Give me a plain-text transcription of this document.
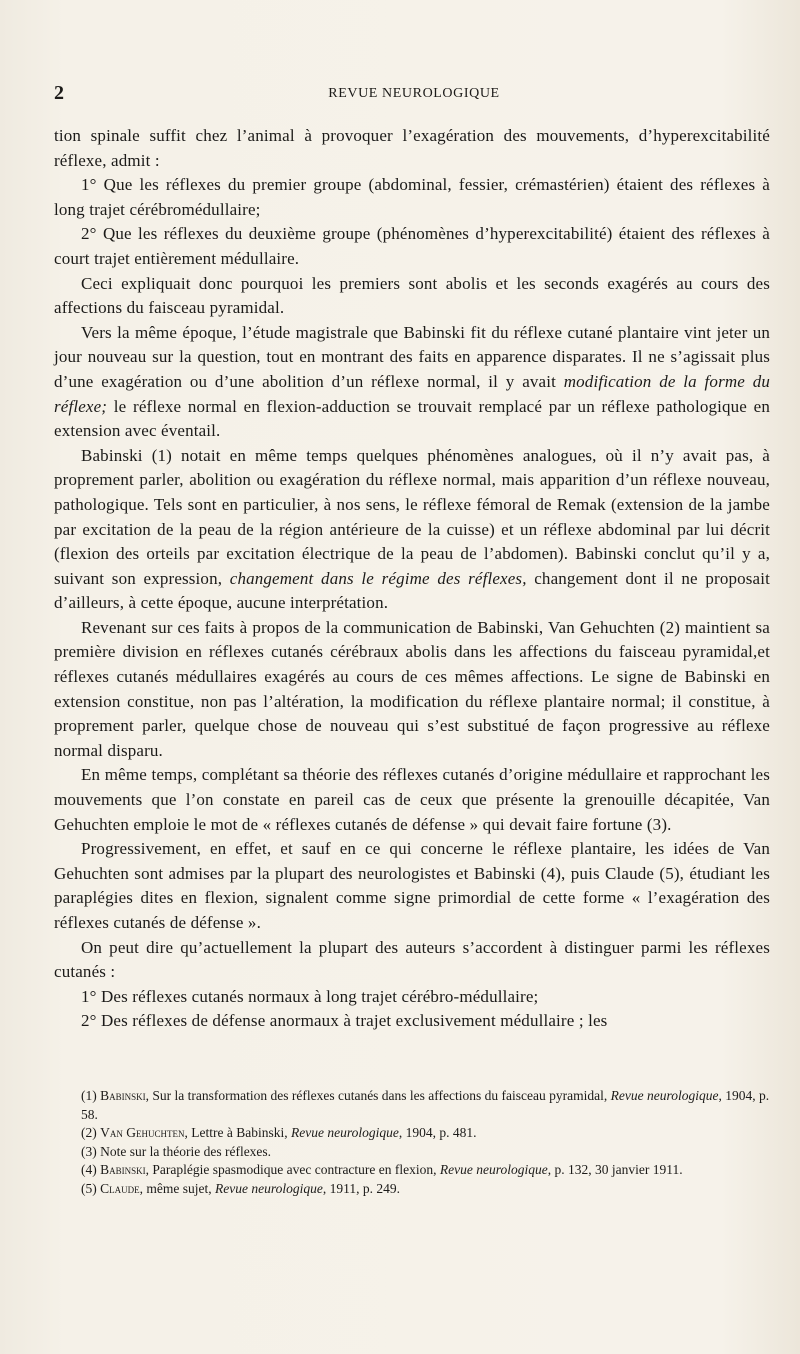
2	REVUE NEUROLOGIQUE

tion spinale suffit chez l’animal à provoquer l’exagération des mouvements, d’hyperexcitabilité réflexe, admit :

1° Que les réflexes du premier groupe (abdominal, fessier, crémastérien) étaient des réflexes à long trajet cérébromédullaire;

2° Que les réflexes du deuxième groupe (phénomènes d’hyperexcitabilité) étaient des réflexes à court trajet entièrement médullaire.

Ceci expliquait donc pourquoi les premiers sont abolis et les seconds exagérés au cours des affections du faisceau pyramidal.

Vers la même époque, l’étude magistrale que Babinski fit du réflexe cutané plantaire vint jeter un jour nouveau sur la question, tout en montrant des faits en apparence disparates. Il ne s’agissait plus d’une exagération ou d’une abolition d’un réflexe normal, il y avait modification de la forme du réflexe; le réflexe normal en flexion-adduction se trouvait remplacé par un réflexe pathologique en extension avec éventail.

Babinski (1) notait en même temps quelques phénomènes analogues, où il n’y avait pas, à proprement parler, abolition ou exagération du réflexe normal, mais apparition d’un réflexe nouveau, pathologique. Tels sont en particulier, à nos sens, le réflexe fémoral de Remak (extension de la jambe par excitation de la peau de la région antérieure de la cuisse) et un réflexe abdominal par lui décrit (flexion des orteils par excitation électrique de la peau de l’abdomen). Babinski conclut qu’il y a, suivant son expression, changement dans le régime des réflexes, changement dont il ne proposait d’ailleurs, à cette époque, aucune interprétation.

Revenant sur ces faits à propos de la communication de Babinski, Van Gehuchten (2) maintient sa première division en réflexes cutanés cérébraux abolis dans les affections du faisceau pyramidal,et réflexes cutanés médullaires exagérés au cours de ces mêmes affections. Le signe de Babinski en extension constitue, non pas l’altération, la modification du réflexe plantaire normal; il constitue, à proprement parler, quelque chose de nouveau qui s’est substitué de façon progressive au réflexe normal disparu.

En même temps, complétant sa théorie des réflexes cutanés d’origine médullaire et rapprochant les mouvements que l’on constate en pareil cas de ceux que présente la grenouille décapitée, Van Gehuchten emploie le mot de « réflexes cutanés de défense » qui devait faire fortune (3).

Progressivement, en effet, et sauf en ce qui concerne le réflexe plantaire, les idées de Van Gehuchten sont admises par la plupart des neurologistes et Babinski (4), puis Claude (5), étudiant les paraplégies dites en flexion, signalent comme signe primordial de cette forme « l’exagération des réflexes cutanés de défense ».

On peut dire qu’actuellement la plupart des auteurs s’accordent à distinguer parmi les réflexes cutanés :

1° Des réflexes cutanés normaux à long trajet cérébro-médullaire;

2° Des réflexes de défense anormaux à trajet exclusivement médullaire ; les

(1) Babinski, Sur la transformation des réflexes cutanés dans les affections du faisceau pyramidal, Revue neurologique, 1904, p. 58.

(2) Van Gehuchten, Lettre à Babinski, Revue neurologique, 1904, p. 481.

(3) Note sur la théorie des réflexes.

(4) Babinski, Paraplégie spasmodique avec contracture en flexion, Revue neurologique, p. 132, 30 janvier 1911.

(5) Claude, même sujet, Revue neurologique, 1911, p. 249.
